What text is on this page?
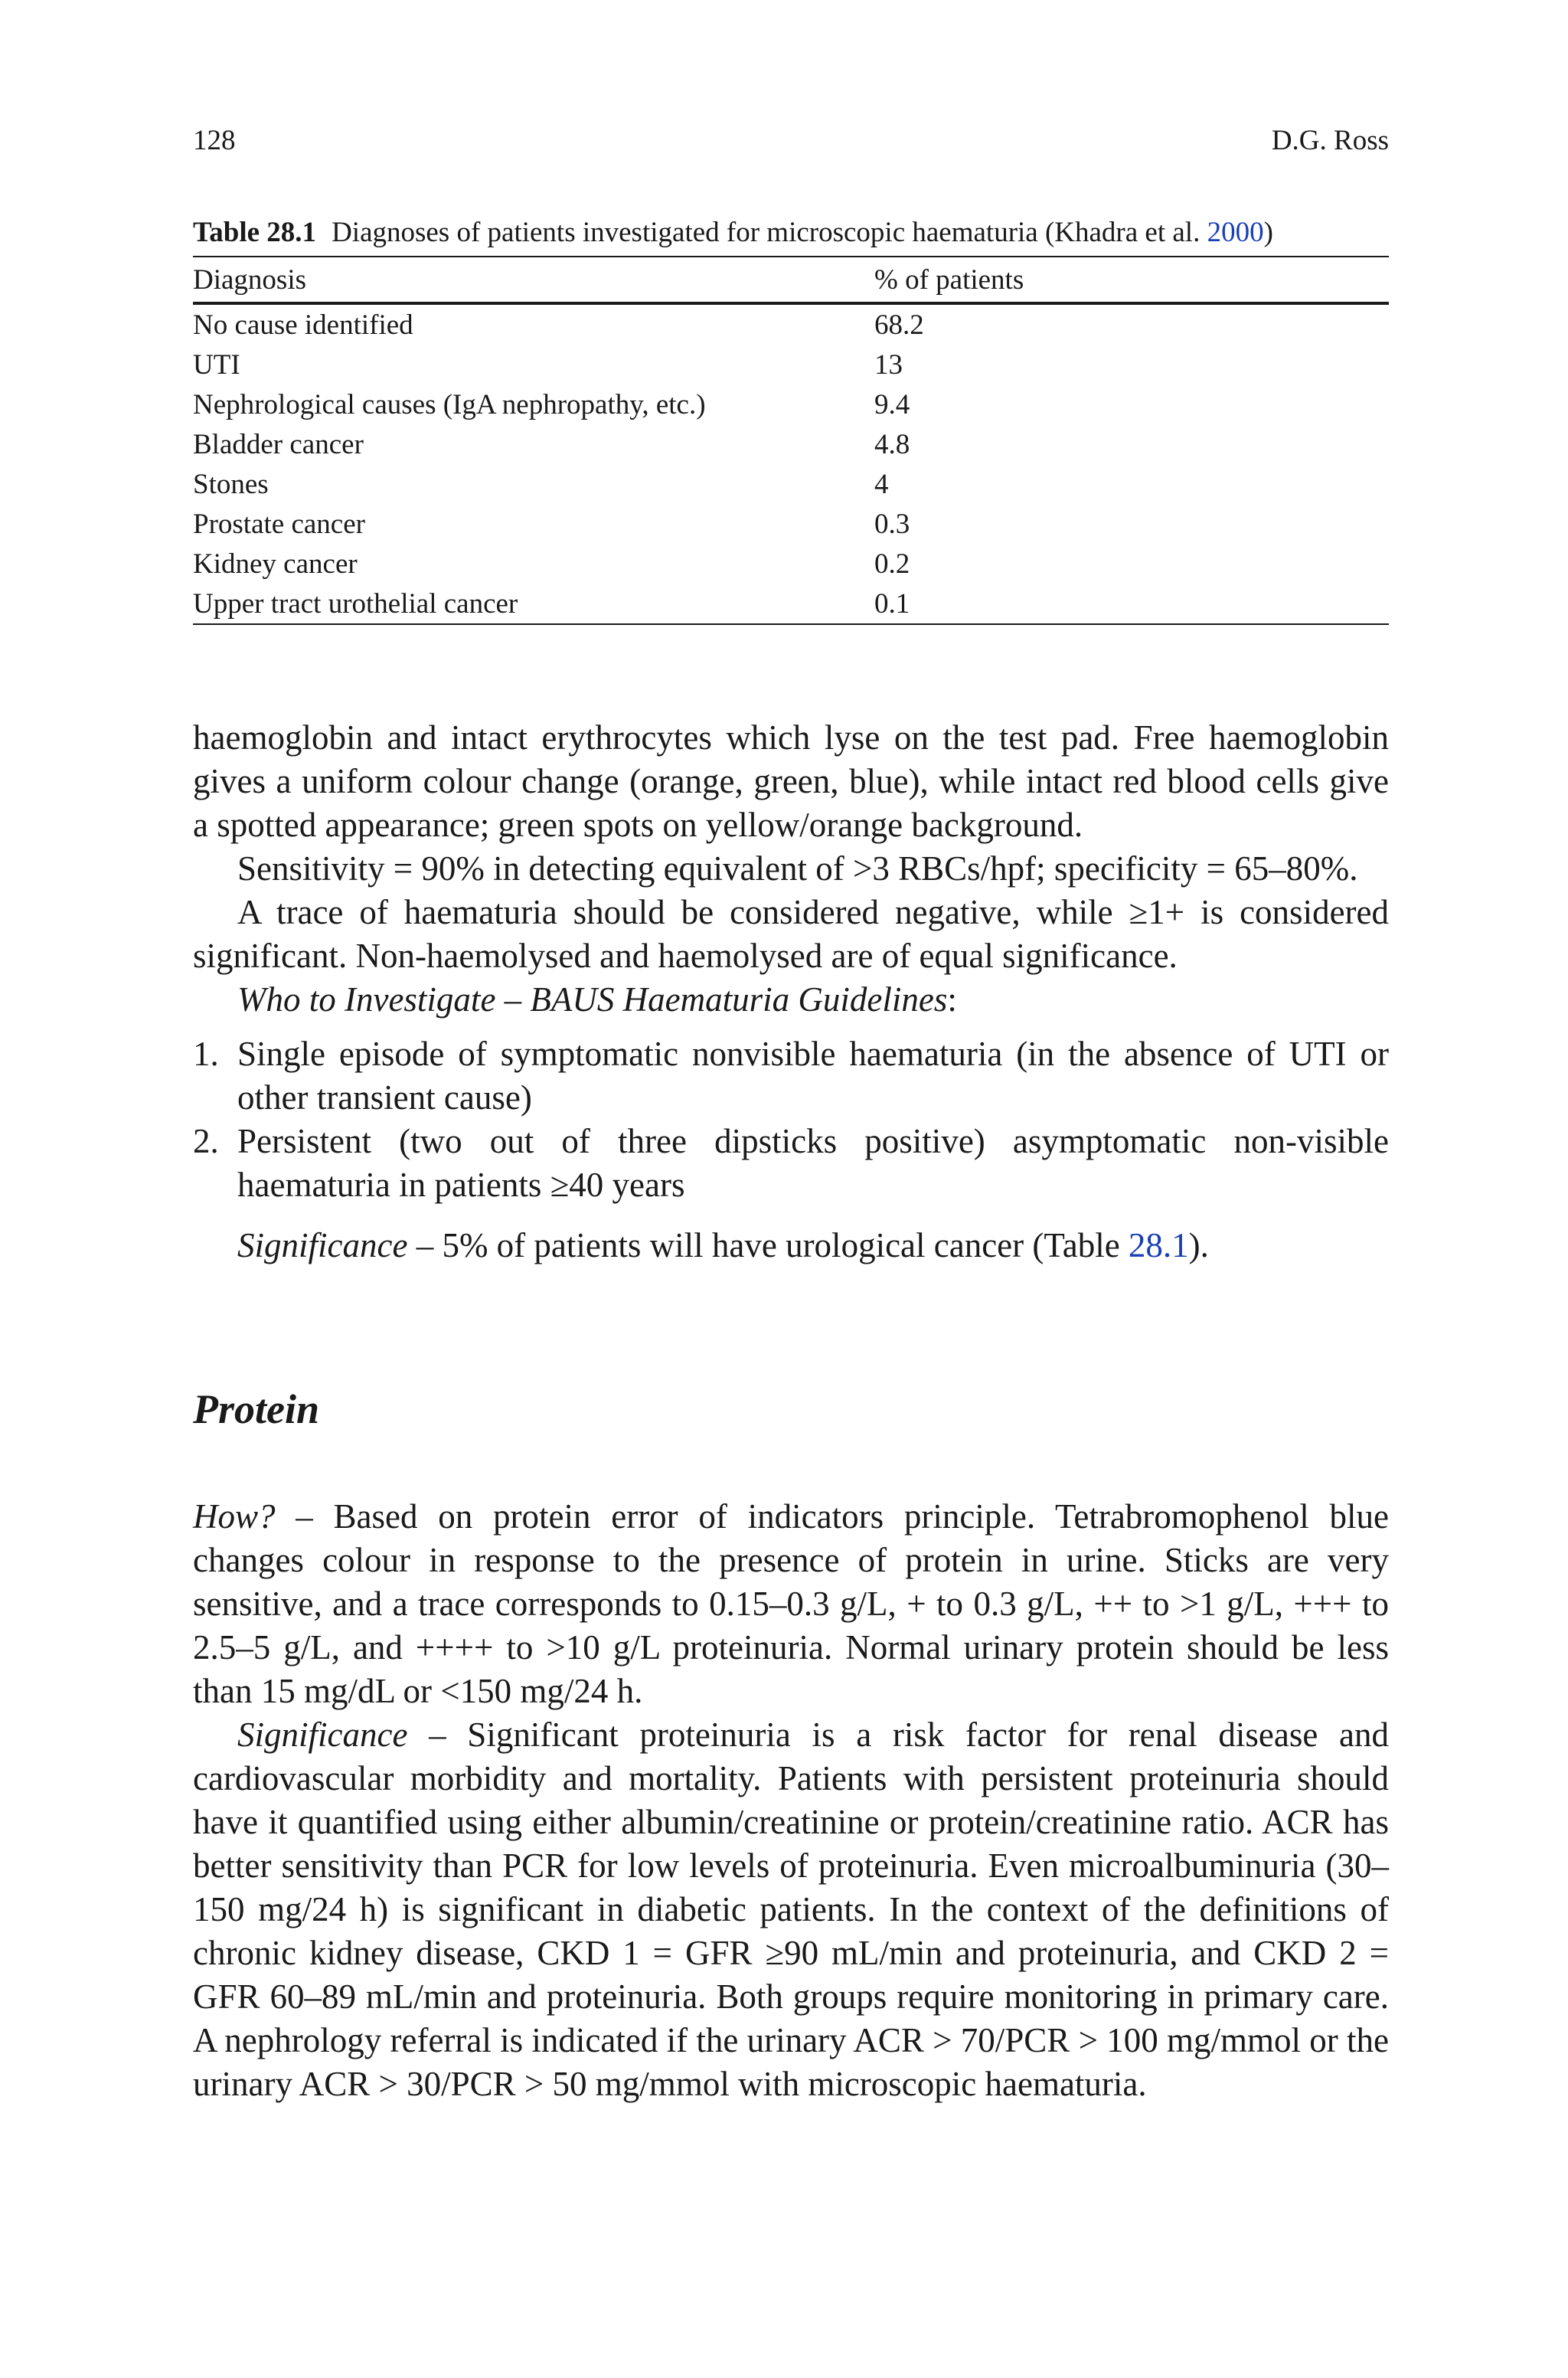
128	D.G. Ross
Table 28.1 Diagnoses of patients investigated for microscopic haematuria (Khadra et al. 2000)
Diagnosis	% of patients
No cause identified	68.2
UTI	13
Nephrological causes (IgA nephropathy, etc.)	9.4
Bladder cancer	4.8
Stones	4
Prostate cancer	0.3
Kidney cancer	0.2
Upper tract urothelial cancer	0.1

haemoglobin and intact erythrocytes which lyse on the test pad. Free haemoglobin gives a uniform colour change (orange, green, blue), while intact red blood cells give a spotted appearance; green spots on yellow/orange background.

Sensitivity = 90% in detecting equivalent of >3 RBCs/hpf; specificity = 65–80%.

A trace of haematuria should be considered negative, while ≥1+ is considered significant. Non-haemolysed and haemolysed are of equal significance.

Who to Investigate – BAUS Haematuria Guidelines:

1. Single episode of symptomatic nonvisible haematuria (in the absence of UTI or other transient cause)
2. Persistent (two out of three dipsticks positive) asymptomatic non-visible haematuria in patients ≥40 years

Significance – 5% of patients will have urological cancer (Table 28.1).

Protein

How? – Based on protein error of indicators principle. Tetrabromophenol blue changes colour in response to the presence of protein in urine. Sticks are very sensitive, and a trace corresponds to 0.15–0.3 g/L, + to 0.3 g/L, ++ to >1 g/L, +++ to 2.5–5 g/L, and ++++ to >10 g/L proteinuria. Normal urinary protein should be less than 15 mg/dL or <150 mg/24 h.

Significance – Significant proteinuria is a risk factor for renal disease and cardiovascular morbidity and mortality. Patients with persistent proteinuria should have it quantified using either albumin/creatinine or protein/creatinine ratio. ACR has better sensitivity than PCR for low levels of proteinuria. Even microalbuminuria (30–150 mg/24 h) is significant in diabetic patients. In the context of the definitions of chronic kidney disease, CKD 1 = GFR ≥90 mL/min and proteinuria, and CKD 2 = GFR 60–89 mL/min and proteinuria. Both groups require monitoring in primary care. A nephrology referral is indicated if the urinary ACR > 70/PCR > 100 mg/mmol or the urinary ACR > 30/PCR > 50 mg/mmol with microscopic haematuria.
